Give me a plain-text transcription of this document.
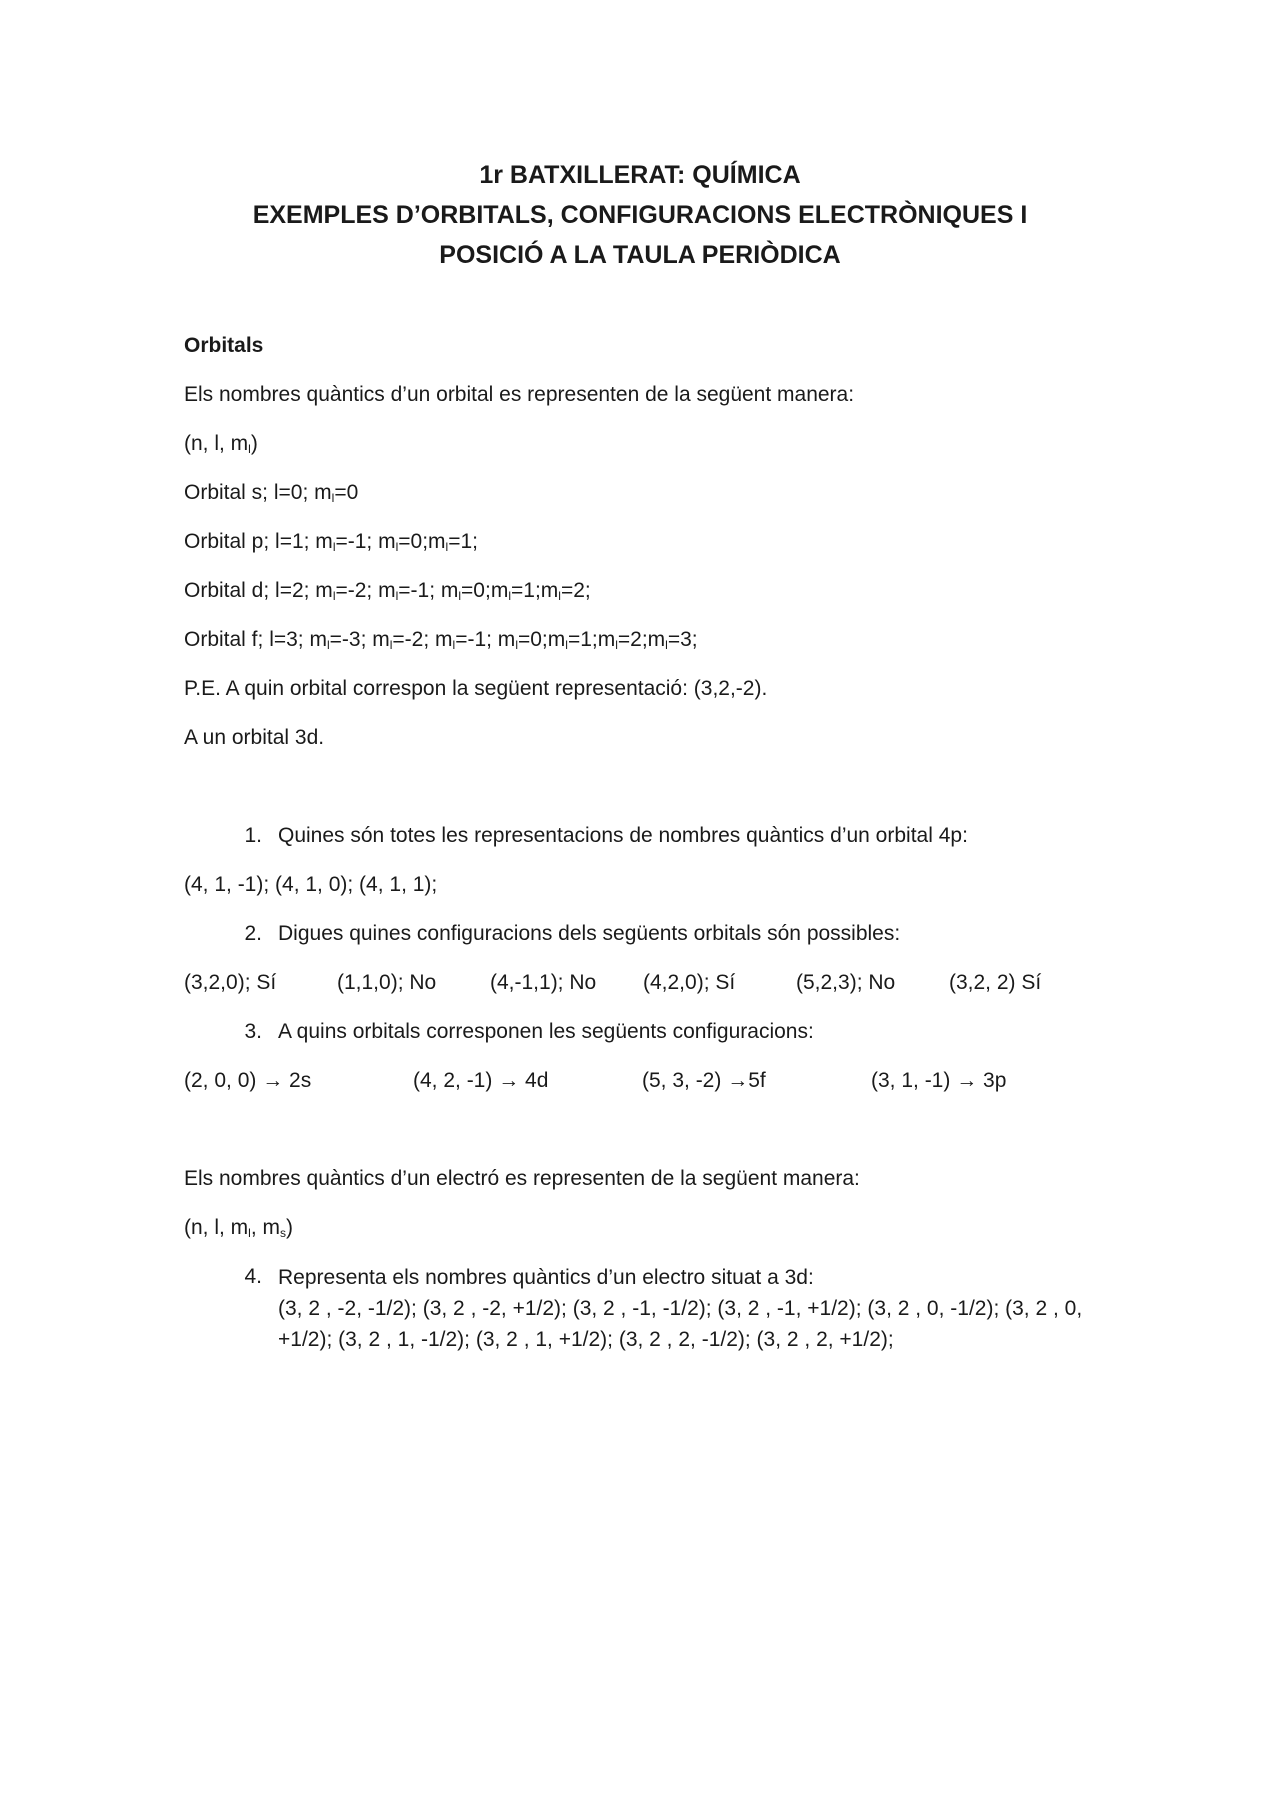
1r BATXILLERAT: QUÍMICA
EXEMPLES D’ORBITALS, CONFIGURACIONS ELECTRÒNIQUES I
POSICIÓ A LA TAULA PERIÒDICA
Orbitals
Els nombres quàntics d’un orbital es representen de la següent manera:
(n, l, $m_l$)
Orbital s; l=0; $m_l=0$
Orbital p; l=1; $m_l=-1$; $m_l=0;m_l=1$;
Orbital d; l=2; $m_l=-2$; $m_l=-1$; $m_l=0;m_l=1;m_l=2$;
Orbital f; l=3; $m_l=-3$; $m_l=-2$; $m_l=-1$; $m_l=0;m_l=1;m_l=2;m_l=3$;
P.E. A quin orbital correspon la següent representació: (3,2,-2).
A un orbital 3d.
1. Quines són totes les representacions de nombres quàntics d’un orbital 4p:
(4, 1, -1); (4, 1, 0); (4, 1, 1);
2. Digues quines configuracions dels següents orbitals són possibles:
(3,2,0); Sí	(1,1,0); No	(4,-1,1); No	(4,2,0); Sí	(5,2,3); No	(3,2, 2) Sí
3. A quins orbitals corresponen les següents configuracions:
(2, 0, 0) → 2s	(4, 2, -1) → 4d	(5, 3, -2) →5f	(3, 1, -1) → 3p
Els nombres quàntics d’un electró es representen de la següent manera:
(n, l, $m_l$, $m_s$)
4. Representa els nombres quàntics d’un electro situat a 3d:
(3, 2 , -2, -1/2); (3, 2 , -2, +1/2); (3, 2 , -1, -1/2); (3, 2 , -1, +1/2); (3, 2 , 0, -1/2); (3, 2 , 0, +1/2); (3, 2 , 1, -1/2); (3, 2 , 1, +1/2); (3, 2 , 2, -1/2); (3, 2 , 2, +1/2);
